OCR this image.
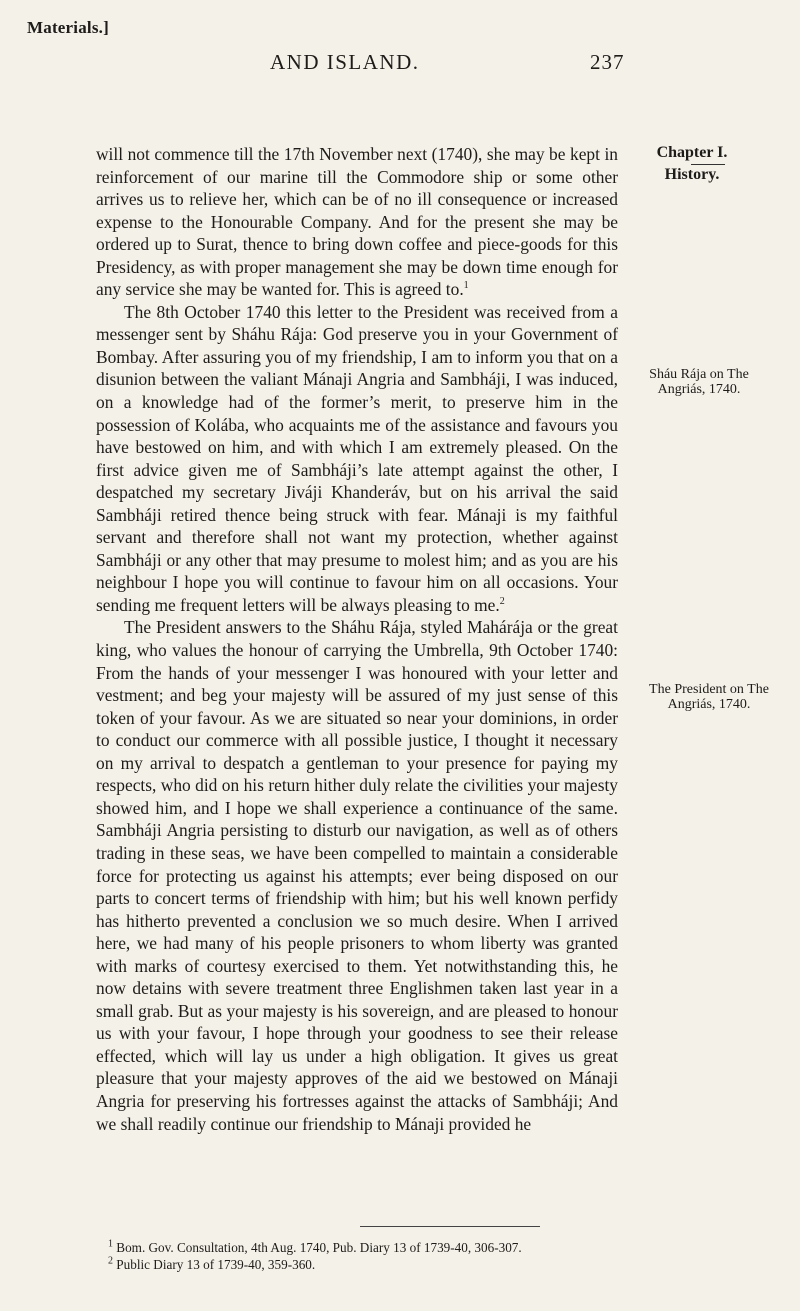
Materials.]
AND ISLAND.	237

will not commence till the 17th November next (1740), she may be kept in reinforcement of our marine till the Commodore ship or some other arrives us to relieve her, which can be of no ill consequence or increased expense to the Honourable Company. And for the present she may be ordered up to Surat, thence to bring down coffee and piece-goods for this Presidency, as with proper management she may be down time enough for any service she may be wanted for. This is agreed to.$^1$

The 8th October 1740 this letter to the President was received from a messenger sent by Sháhu Rája: God preserve you in your Government of Bombay. After assuring you of my friendship, I am to inform you that on a disunion between the valiant Mánaji Angria and Sambháji, I was induced, on a knowledge had of the former’s merit, to preserve him in the possession of Kolába, who acquaints me of the assistance and favours you have bestowed on him, and with which I am extremely pleased. On the first advice given me of Sambháji’s late attempt against the other, I despatched my secretary Jiváji Khanderáv, but on his arrival the said Sambháji retired thence being struck with fear. Mánaji is my faithful servant and therefore shall not want my protection, whether against Sambháji or any other that may presume to molest him; and as you are his neighbour I hope you will continue to favour him on all occasions. Your sending me frequent letters will be always pleasing to me.$^2$

The President answers to the Sháhu Rája, styled Mahárája or the great king, who values the honour of carrying the Umbrella, 9th October 1740: From the hands of your messenger I was honoured with your letter and vestment; and beg your majesty will be assured of my just sense of this token of your favour. As we are situated so near your dominions, in order to conduct our commerce with all possible justice, I thought it necessary on my arrival to despatch a gentleman to your presence for paying my respects, who did on his return hither duly relate the civilities your majesty showed him, and I hope we shall experience a continuance of the same. Sambháji Angria persisting to disturb our navigation, as well as of others trading in these seas, we have been compelled to maintain a considerable force for protecting us against his attempts; ever being disposed on our parts to concert terms of friendship with him; but his well known perfidy has hitherto prevented a conclusion we so much desire. When I arrived here, we had many of his people prisoners to whom liberty was granted with marks of courtesy exercised to them. Yet notwithstanding this, he now detains with severe treatment three Englishmen taken last year in a small grab. But as your majesty is his sovereign, and are pleased to honour us with your favour, I hope through your goodness to see their release effected, which will lay us under a high obligation. It gives us great pleasure that your majesty approves of the aid we bestowed on Mánaji Angria for preserving his fortresses against the attacks of Sambháji; And we shall readily continue our friendship to Mánaji provided he

Chapter I.
History.
Sháu Rája on The Angriás, 1740.
The President on The Angriás, 1740.
$^1$ Bom. Gov. Consultation, 4th Aug. 1740, Pub. Diary 13 of 1739-40, 306-307.
$^2$ Public Diary 13 of 1739-40, 359-360.
